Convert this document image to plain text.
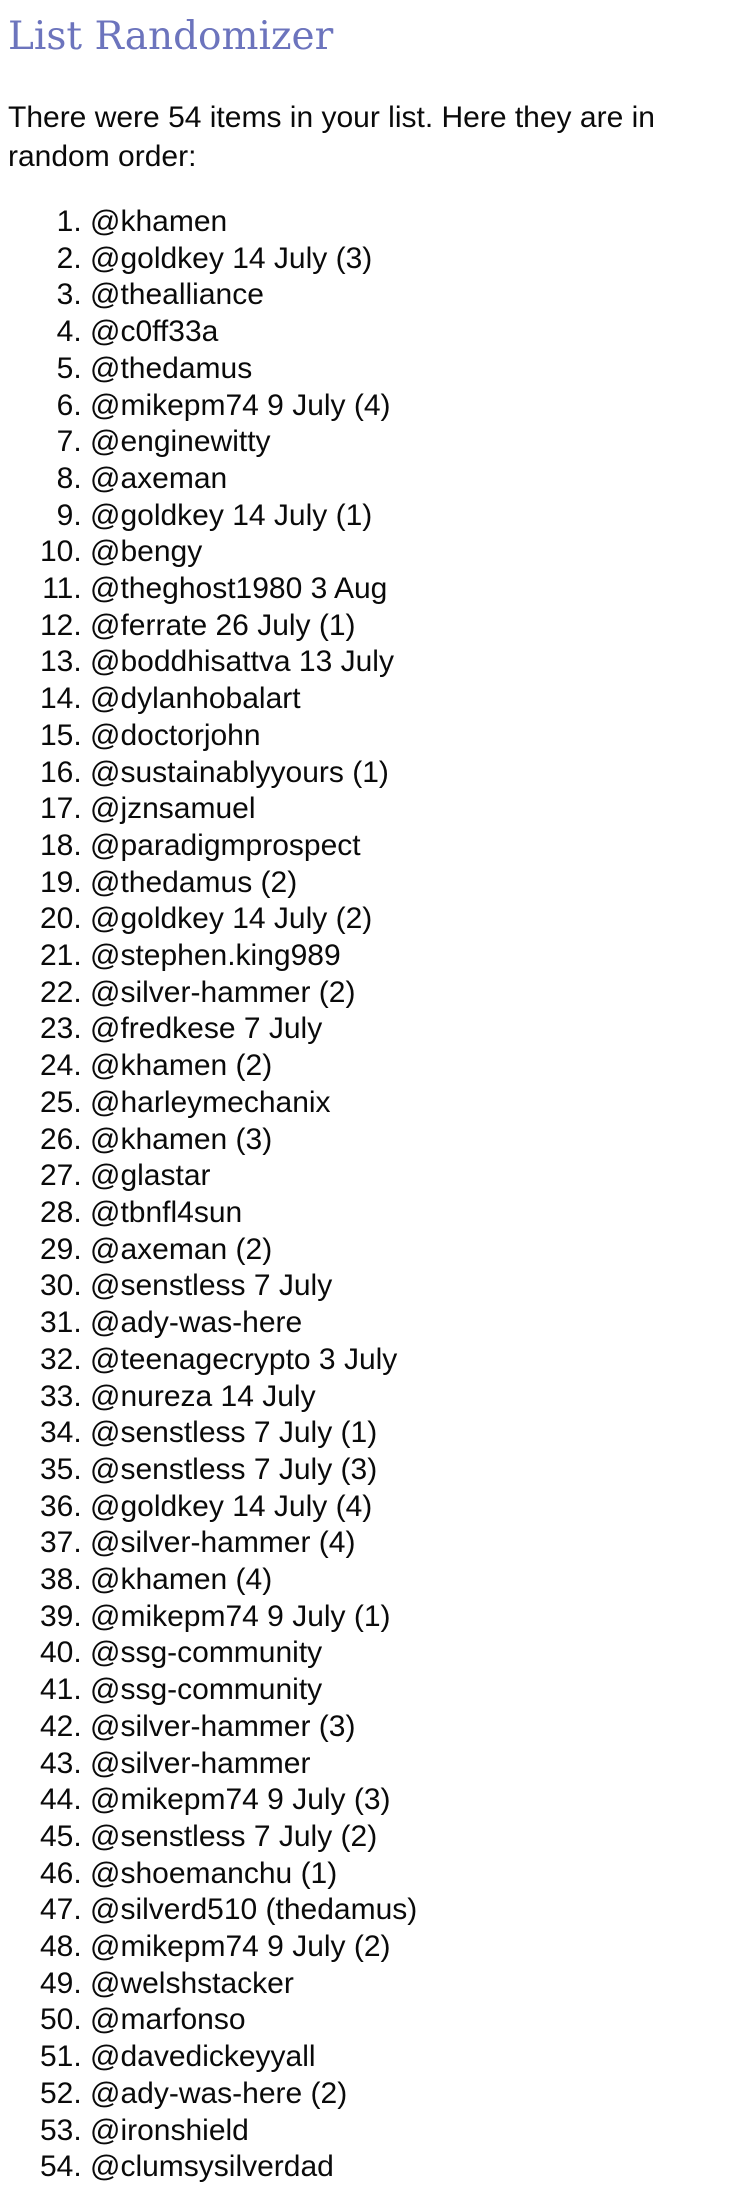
List Randomizer

There were 54 items in your list. Here they are in
random order:

1. @khamen
2. @goldkey 14 July (3)
3. @thealliance
4. @c0ff33a
5. @thedamus
6. @mikepm74 9 July (4)
7. @enginewitty
8. @axeman
9. @goldkey 14 July (1)
10. @bengy
11. @theghost1980 3 Aug
12. @ferrate 26 July (1)
13. @boddhisattva 13 July
14. @dylanhobalart
15. @doctorjohn
16. @sustainablyyours (1)
17. @jznsamuel
18. @paradigmprospect
19. @thedamus (2)
20. @goldkey 14 July (2)
21. @stephen.king989
22. @silver-hammer (2)
23. @fredkese 7 July
24. @khamen (2)
25. @harleymechanix
26. @khamen (3)
27. @glastar
28. @tbnfl4sun
29. @axeman (2)
30. @senstless 7 July
31. @ady-was-here
32. @teenagecrypto 3 July
33. @nureza 14 July
34. @senstless 7 July (1)
35. @senstless 7 July (3)
36. @goldkey 14 July (4)
37. @silver-hammer (4)
38. @khamen (4)
39. @mikepm74 9 July (1)
40. @ssg-community
41. @ssg-community
42. @silver-hammer (3)
43. @silver-hammer
44. @mikepm74 9 July (3)
45. @senstless 7 July (2)
46. @shoemanchu (1)
47. @silverd510 (thedamus)
48. @mikepm74 9 July (2)
49. @welshstacker
50. @marfonso
51. @davedickeyyall
52. @ady-was-here (2)
53. @ironshield
54. @clumsysilverdad
